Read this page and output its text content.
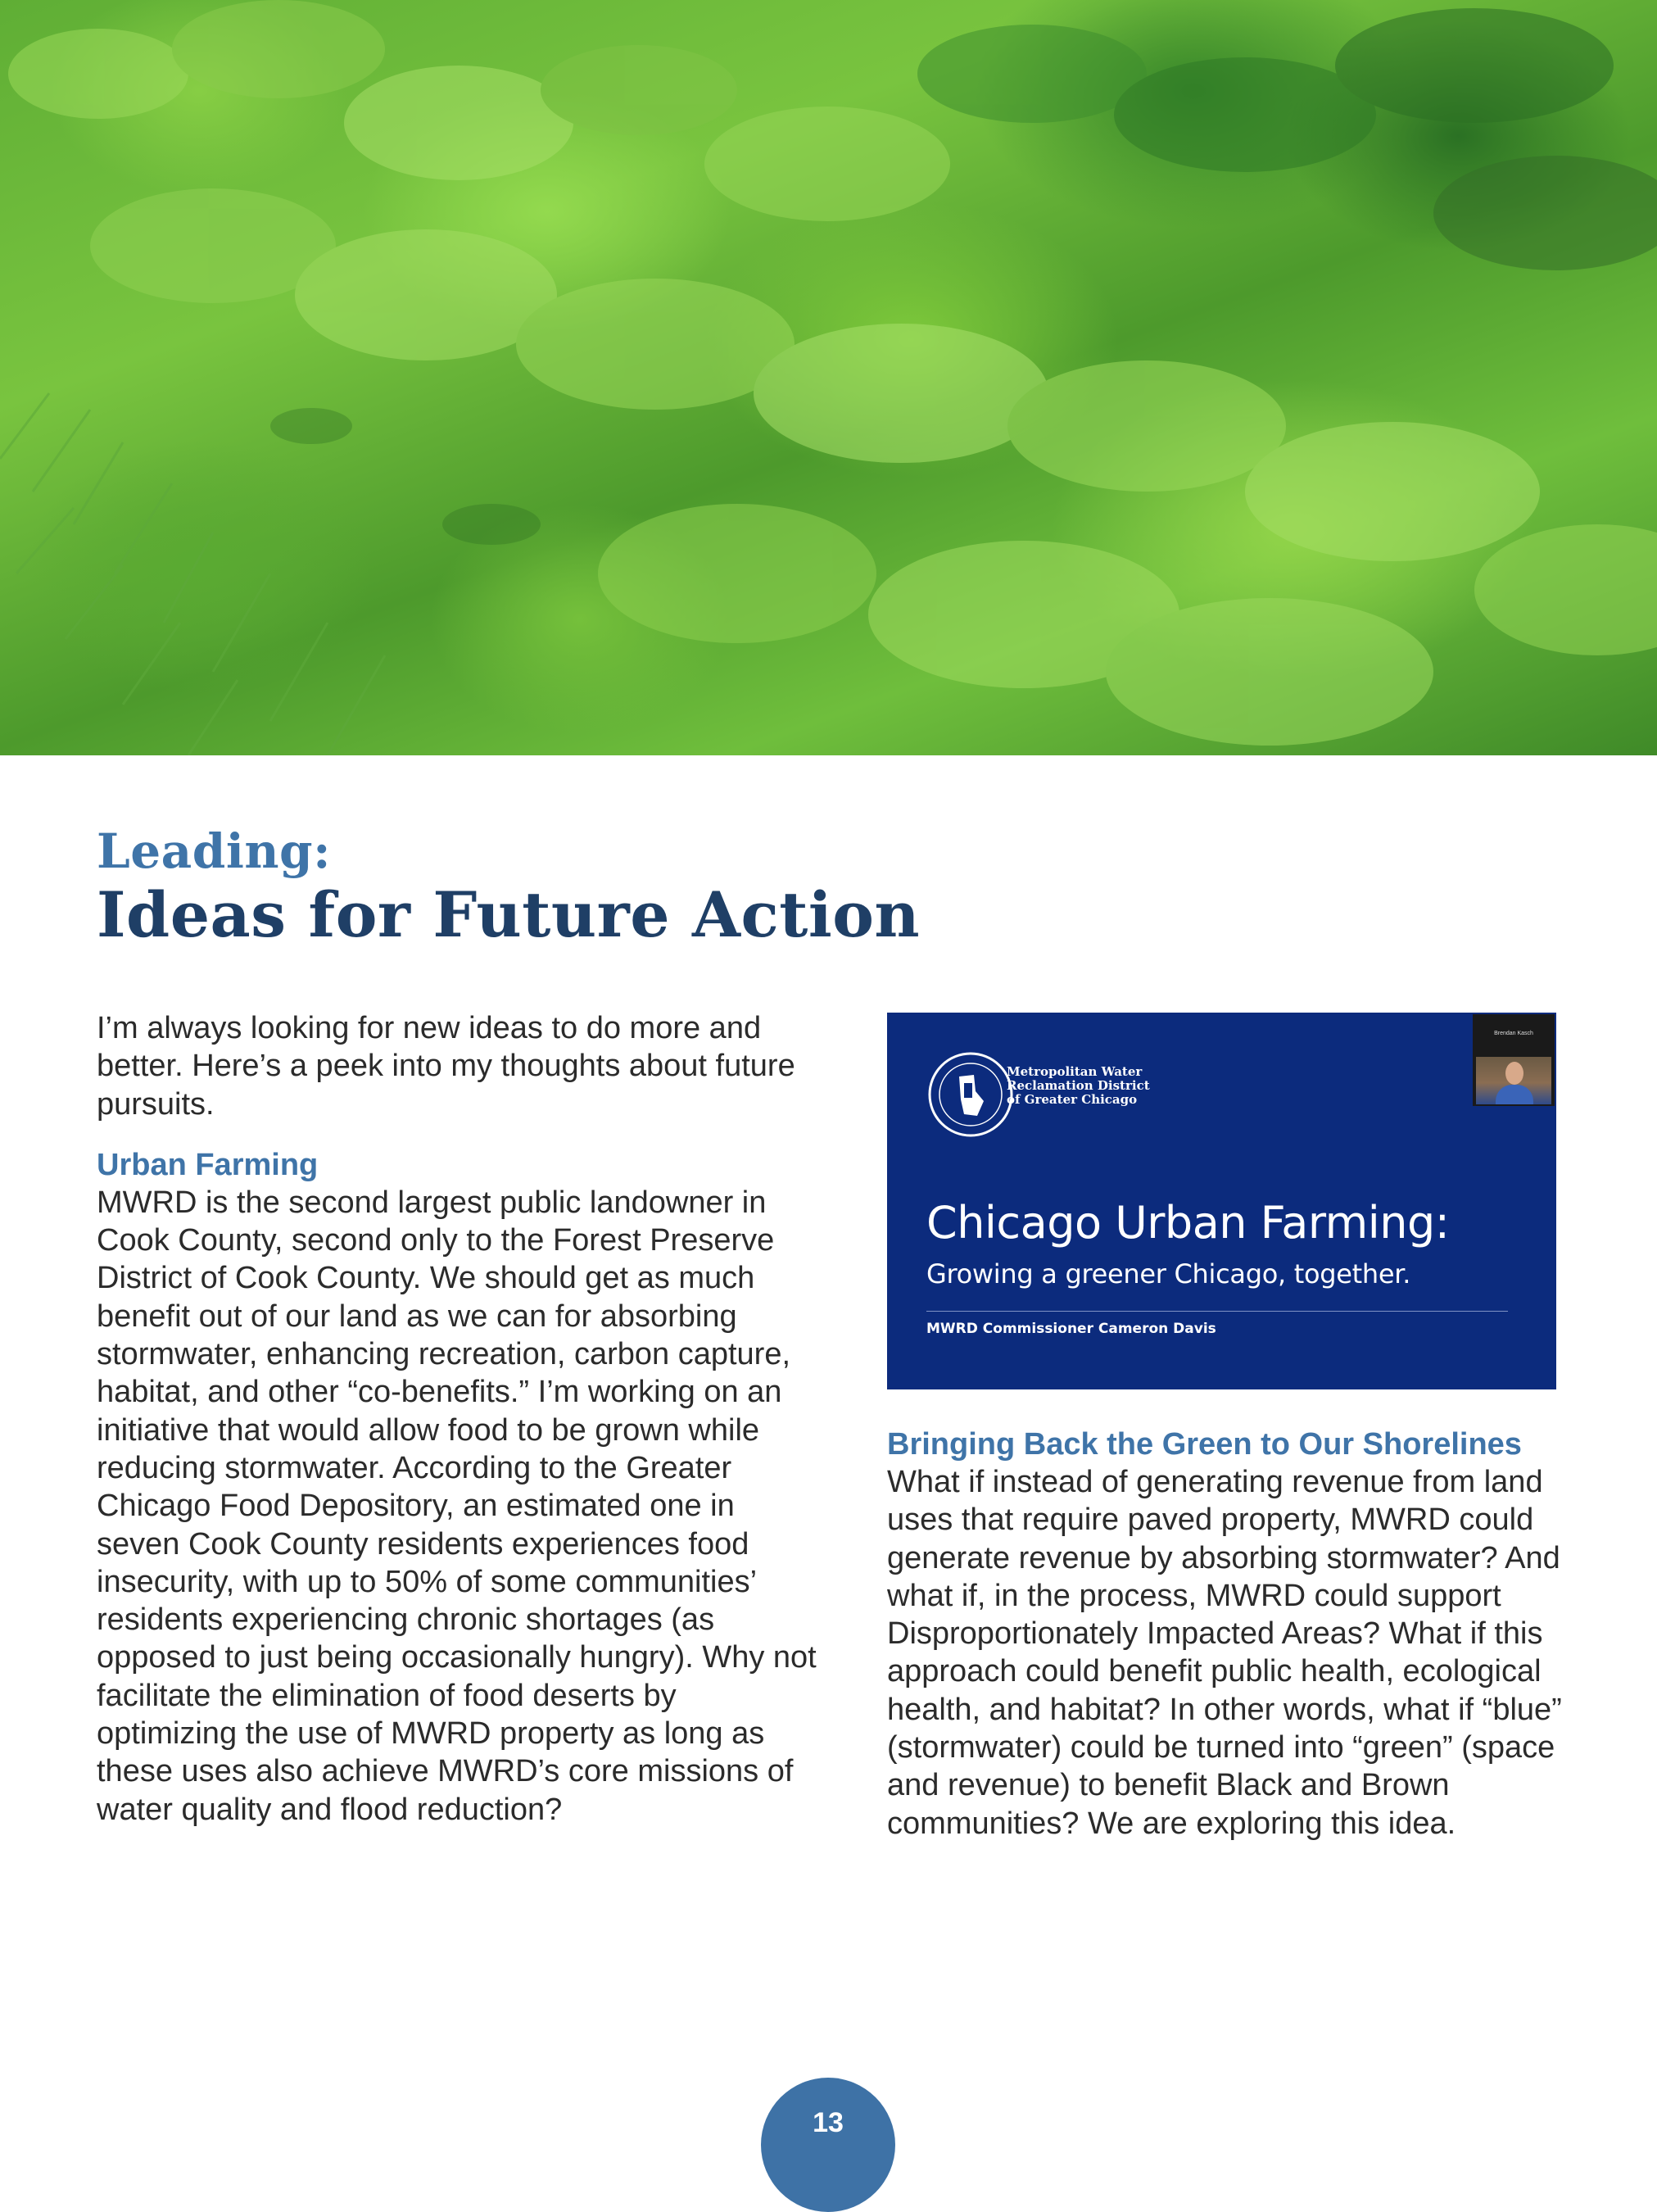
Leading:
Ideas for Future Action

I’m always looking for new ideas to do more and better. Here’s a peek into my thoughts about future pursuits.

Urban Farming

MWRD is the second largest public landowner in Cook County, second only to the Forest Preserve District of Cook County. We should get as much benefit out of our land as we can for absorbing stormwater, enhancing recreation, carbon capture, habitat, and other “co-benefits.” I’m working on an initiative that would allow food to be grown while reducing stormwater. According to the Greater Chicago Food Depository, an estimated one in seven Cook County residents experiences food insecurity, with up to 50% of some communities’ residents experiencing chronic shortages (as opposed to just being occasionally hungry). Why not facilitate the elimination of food deserts by optimizing the use of MWRD property as long as these uses also achieve MWRD’s core missions of water quality and flood reduction?

Metropolitan Water
Reclamation District
of Greater Chicago

Brendan Kasch

Chicago Urban Farming:

Growing a greener Chicago, together.

MWRD Commissioner Cameron Davis

Bringing Back the Green to Our Shorelines

What if instead of generating revenue from land uses that require paved property, MWRD could generate revenue by absorbing stormwater? And what if, in the process, MWRD could support Disproportionately Impacted Areas? What if this approach could benefit public health, ecological health, and habitat? In other words, what if “blue” (stormwater) could be turned into “green” (space and revenue) to benefit Black and Brown communities? We are exploring this idea.

13
